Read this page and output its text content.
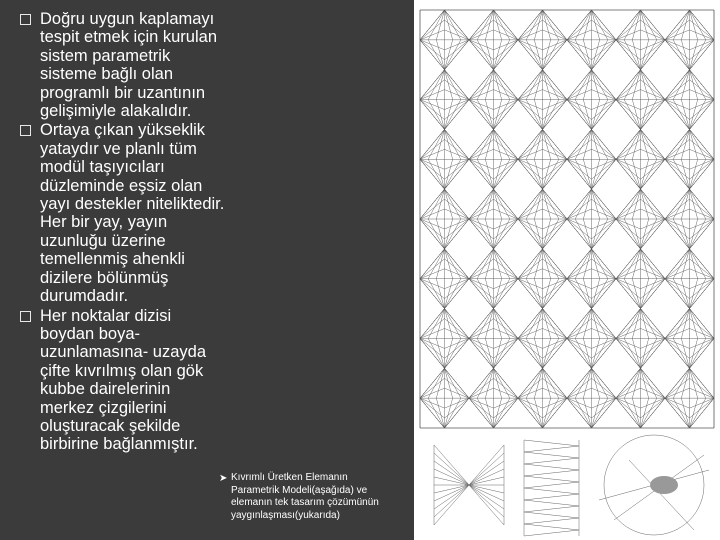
Doğru uygun kaplamayı
tespit etmek için kurulan
sistem parametrik
sisteme bağlı olan
programlı bir uzantının
gelişimiyle alakalıdır.
Ortaya çıkan yükseklik
yataydır ve planlı tüm
modül taşıyıcıları
düzleminde eşsiz olan
yayı destekler niteliktedir.
Her bir yay, yayın
uzunluğu üzerine
temellenmiş ahenkli
dizilere bölünmüş
durumdadır.
Her noktalar dizisi
boydan boya-
uzunlamasına- uzayda
çifte kıvrılmış olan gök
kubbe dairelerinin
merkez çizgilerini
oluşturacak şekilde
birbirine bağlanmıştır.
➤ Kıvrımlı Üretken Elemanın
Parametrik Modeli(aşağıda) ve
elemanın tek tasarım çözümünün
yaygınlaşması(yukarıda)
